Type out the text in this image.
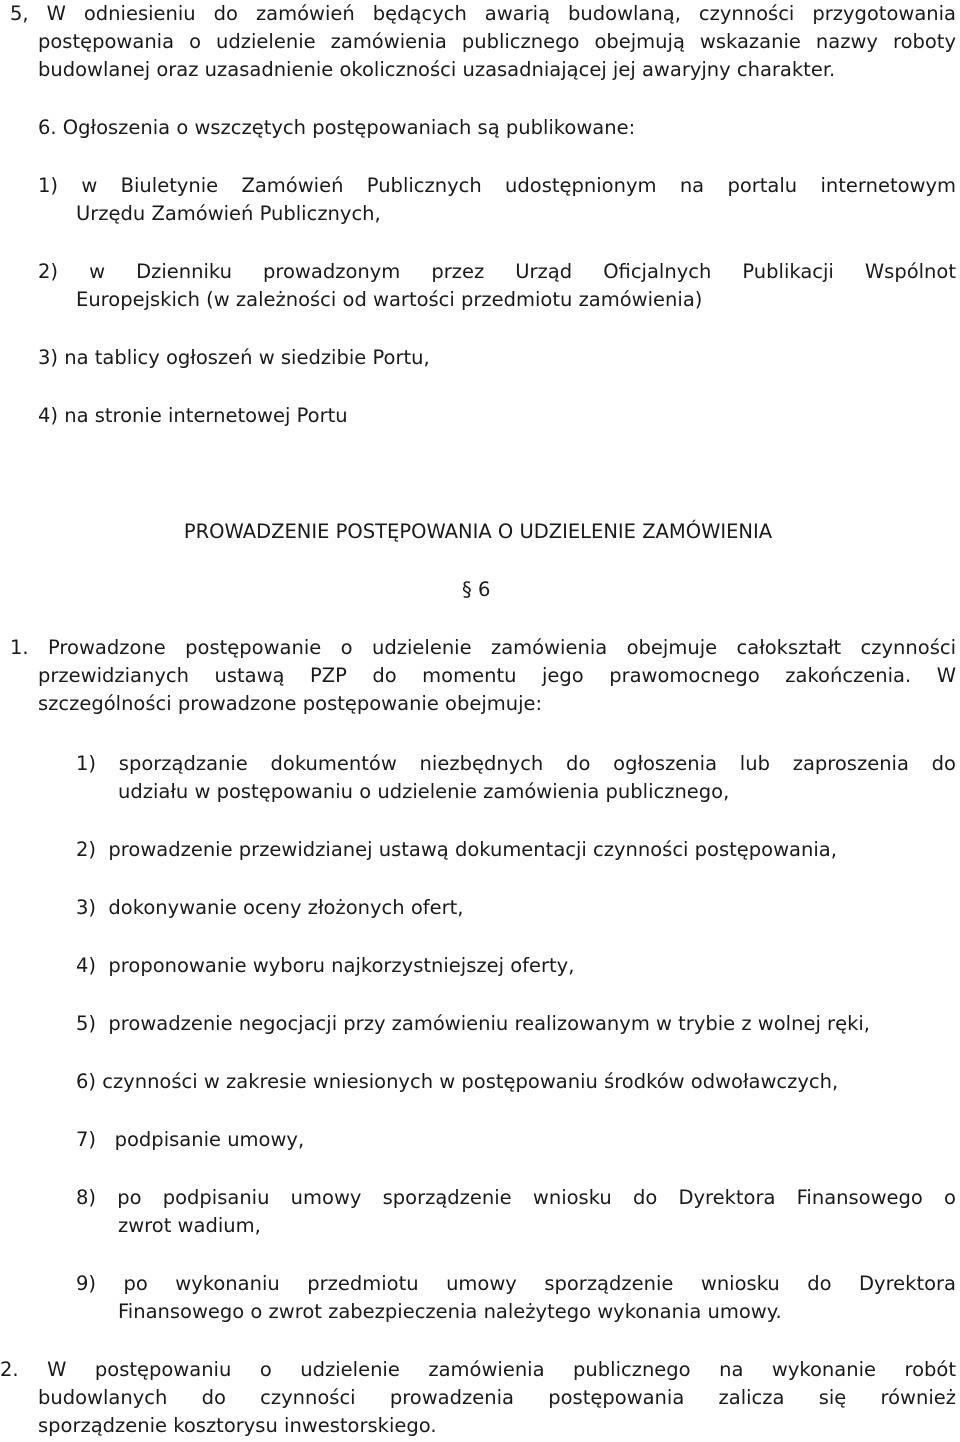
5, W odniesieniu do zamówień będących awarią budowlaną, czynności przygotowania
postępowania o udzielenie zamówienia publicznego obejmują wskazanie nazwy roboty
budowlanej oraz uzasadnienie okoliczności uzasadniającej jej awaryjny charakter.
6. Ogłoszenia o wszczętych postępowaniach są publikowane:
1) w Biuletynie Zamówień Publicznych udostępnionym na portalu internetowym
Urzędu Zamówień Publicznych,
2) w Dzienniku prowadzonym przez Urząd Oficjalnych Publikacji Wspólnot
Europejskich (w zależności od wartości przedmiotu zamówienia)
3) na tablicy ogłoszeń w siedzibie Portu,
4) na stronie internetowej Portu
PROWADZENIE POSTĘPOWANIA O UDZIELENIE ZAMÓWIENIA
§ 6
1. Prowadzone postępowanie o udzielenie zamówienia obejmuje całokształt czynności
przewidzianych ustawą PZP do momentu jego prawomocnego zakończenia. W
szczególności prowadzone postępowanie obejmuje:
1) sporządzanie dokumentów niezbędnych do ogłoszenia lub zaproszenia do
udziału w postępowaniu o udzielenie zamówienia publicznego,
2) prowadzenie przewidzianej ustawą dokumentacji czynności postępowania,
3) dokonywanie oceny złożonych ofert,
4) proponowanie wyboru najkorzystniejszej oferty,
5) prowadzenie negocjacji przy zamówieniu realizowanym w trybie z wolnej ręki,
6) czynności w zakresie wniesionych w postępowaniu środków odwoławczych,
7) podpisanie umowy,
8) po podpisaniu umowy sporządzenie wniosku do Dyrektora Finansowego o
zwrot wadium,
9) po wykonaniu przedmiotu umowy sporządzenie wniosku do Dyrektora
Finansowego o zwrot zabezpieczenia należytego wykonania umowy.
2. W postępowaniu o udzielenie zamówienia publicznego na wykonanie robót
budowlanych do czynności prowadzenia postępowania zalicza się również
sporządzenie kosztorysu inwestorskiego.
